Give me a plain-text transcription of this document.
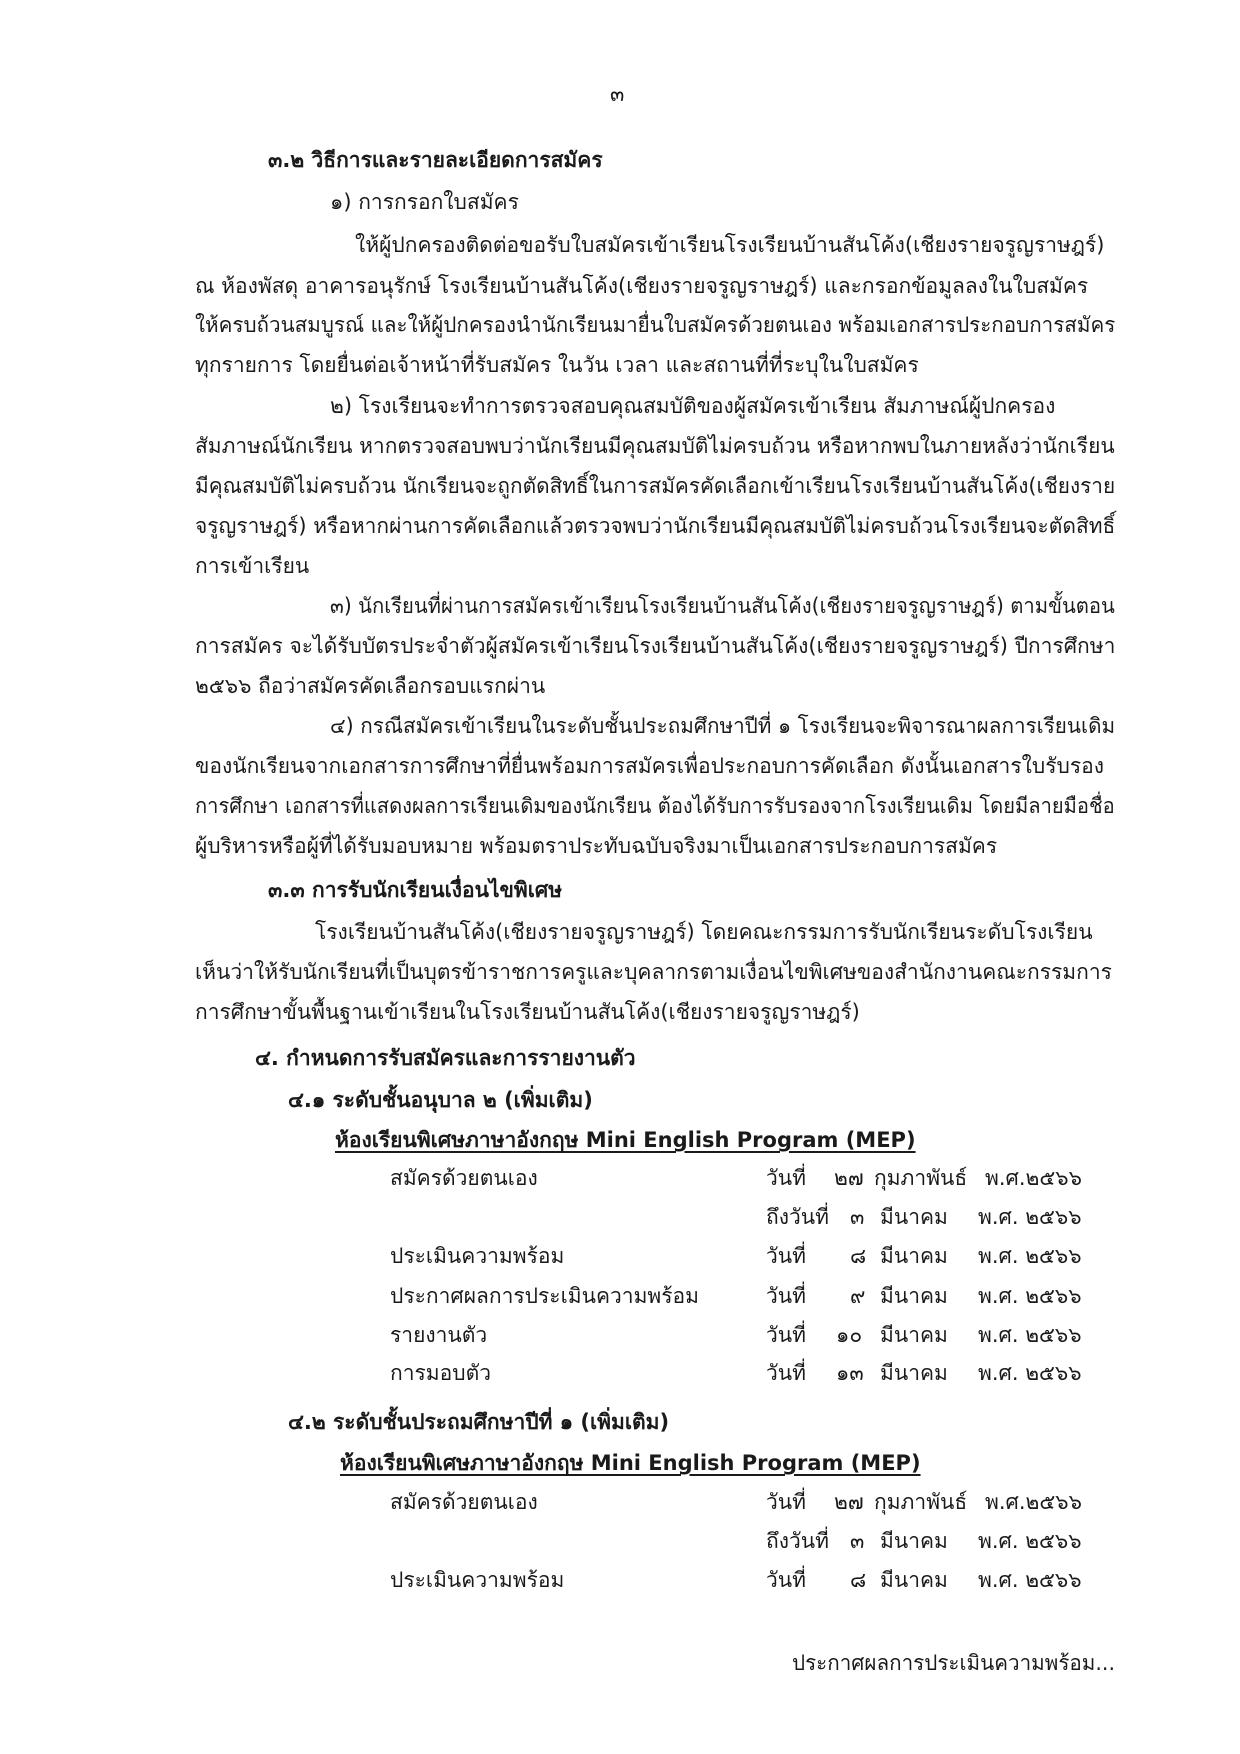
๓
๓.๒ วิธีการและรายละเอียดการสมัคร
๑) การกรอกใบสมัคร
ให้ผู้ปกครองติดต่อขอรับใบสมัครเข้าเรียนโรงเรียนบ้านสันโค้ง(เชียงรายจรูญราษฎร์)
ณ ห้องพัสดุ อาคารอนุรักษ์ โรงเรียนบ้านสันโค้ง(เชียงรายจรูญราษฎร์) และกรอกข้อมูลลงในใบสมัคร
ให้ครบถ้วนสมบูรณ์ และให้ผู้ปกครองนำนักเรียนมายื่นใบสมัครด้วยตนเอง พร้อมเอกสารประกอบการสมัคร
ทุกรายการ โดยยื่นต่อเจ้าหน้าที่รับสมัคร ในวัน เวลา และสถานที่ที่ระบุในใบสมัคร
๒) โรงเรียนจะทำการตรวจสอบคุณสมบัติของผู้สมัครเข้าเรียน สัมภาษณ์ผู้ปกครอง
สัมภาษณ์นักเรียน หากตรวจสอบพบว่านักเรียนมีคุณสมบัติไม่ครบถ้วน หรือหากพบในภายหลังว่านักเรียน
มีคุณสมบัติไม่ครบถ้วน นักเรียนจะถูกตัดสิทธิ์ในการสมัครคัดเลือกเข้าเรียนโรงเรียนบ้านสันโค้ง(เชียงราย
จรูญราษฎร์) หรือหากผ่านการคัดเลือกแล้วตรวจพบว่านักเรียนมีคุณสมบัติไม่ครบถ้วนโรงเรียนจะตัดสิทธิ์
การเข้าเรียน
๓) นักเรียนที่ผ่านการสมัครเข้าเรียนโรงเรียนบ้านสันโค้ง(เชียงรายจรูญราษฎร์) ตามขั้นตอน
การสมัคร จะได้รับบัตรประจำตัวผู้สมัครเข้าเรียนโรงเรียนบ้านสันโค้ง(เชียงรายจรูญราษฎร์) ปีการศึกษา
๒๕๖๖ ถือว่าสมัครคัดเลือกรอบแรกผ่าน
๔) กรณีสมัครเข้าเรียนในระดับชั้นประถมศึกษาปีที่ ๑ โรงเรียนจะพิจารณาผลการเรียนเดิม
ของนักเรียนจากเอกสารการศึกษาที่ยื่นพร้อมการสมัครเพื่อประกอบการคัดเลือก ดังนั้นเอกสารใบรับรอง
การศึกษา เอกสารที่แสดงผลการเรียนเดิมของนักเรียน ต้องได้รับการรับรองจากโรงเรียนเดิม โดยมีลายมือชื่อ
ผู้บริหารหรือผู้ที่ได้รับมอบหมาย พร้อมตราประทับฉบับจริงมาเป็นเอกสารประกอบการสมัคร
๓.๓ การรับนักเรียนเงื่อนไขพิเศษ
โรงเรียนบ้านสันโค้ง(เชียงรายจรูญราษฎร์) โดยคณะกรรมการรับนักเรียนระดับโรงเรียน
เห็นว่าให้รับนักเรียนที่เป็นบุตรข้าราชการครูและบุคลากรตามเงื่อนไขพิเศษของสำนักงานคณะกรรมการ
การศึกษาขั้นพื้นฐานเข้าเรียนในโรงเรียนบ้านสันโค้ง(เชียงรายจรูญราษฎร์)
๔. กำหนดการรับสมัครและการรายงานตัว
๔.๑ ระดับชั้นอนุบาล ๒ (เพิ่มเติม)
ห้องเรียนพิเศษภาษาอังกฤษ Mini English Program (MEP)
สมัครด้วยตนเอง	วันที่ ๒๗ กุมภาพันธ์ พ.ศ.๒๕๖๖
ถึงวันที่ ๓ มีนาคม พ.ศ. ๒๕๖๖
ประเมินความพร้อม	วันที่ ๘ มีนาคม พ.ศ. ๒๕๖๖
ประกาศผลการประเมินความพร้อม	วันที่ ๙ มีนาคม พ.ศ. ๒๕๖๖
รายงานตัว	วันที่ ๑๐ มีนาคม พ.ศ. ๒๕๖๖
การมอบตัว	วันที่ ๑๓ มีนาคม พ.ศ. ๒๕๖๖
๔.๒ ระดับชั้นประถมศึกษาปีที่ ๑ (เพิ่มเติม)
ห้องเรียนพิเศษภาษาอังกฤษ Mini English Program (MEP)
สมัครด้วยตนเอง	วันที่ ๒๗ กุมภาพันธ์ พ.ศ.๒๕๖๖
ถึงวันที่ ๓ มีนาคม พ.ศ. ๒๕๖๖
ประเมินความพร้อม	วันที่ ๘ มีนาคม พ.ศ. ๒๕๖๖
ประกาศผลการประเมินความพร้อม...
